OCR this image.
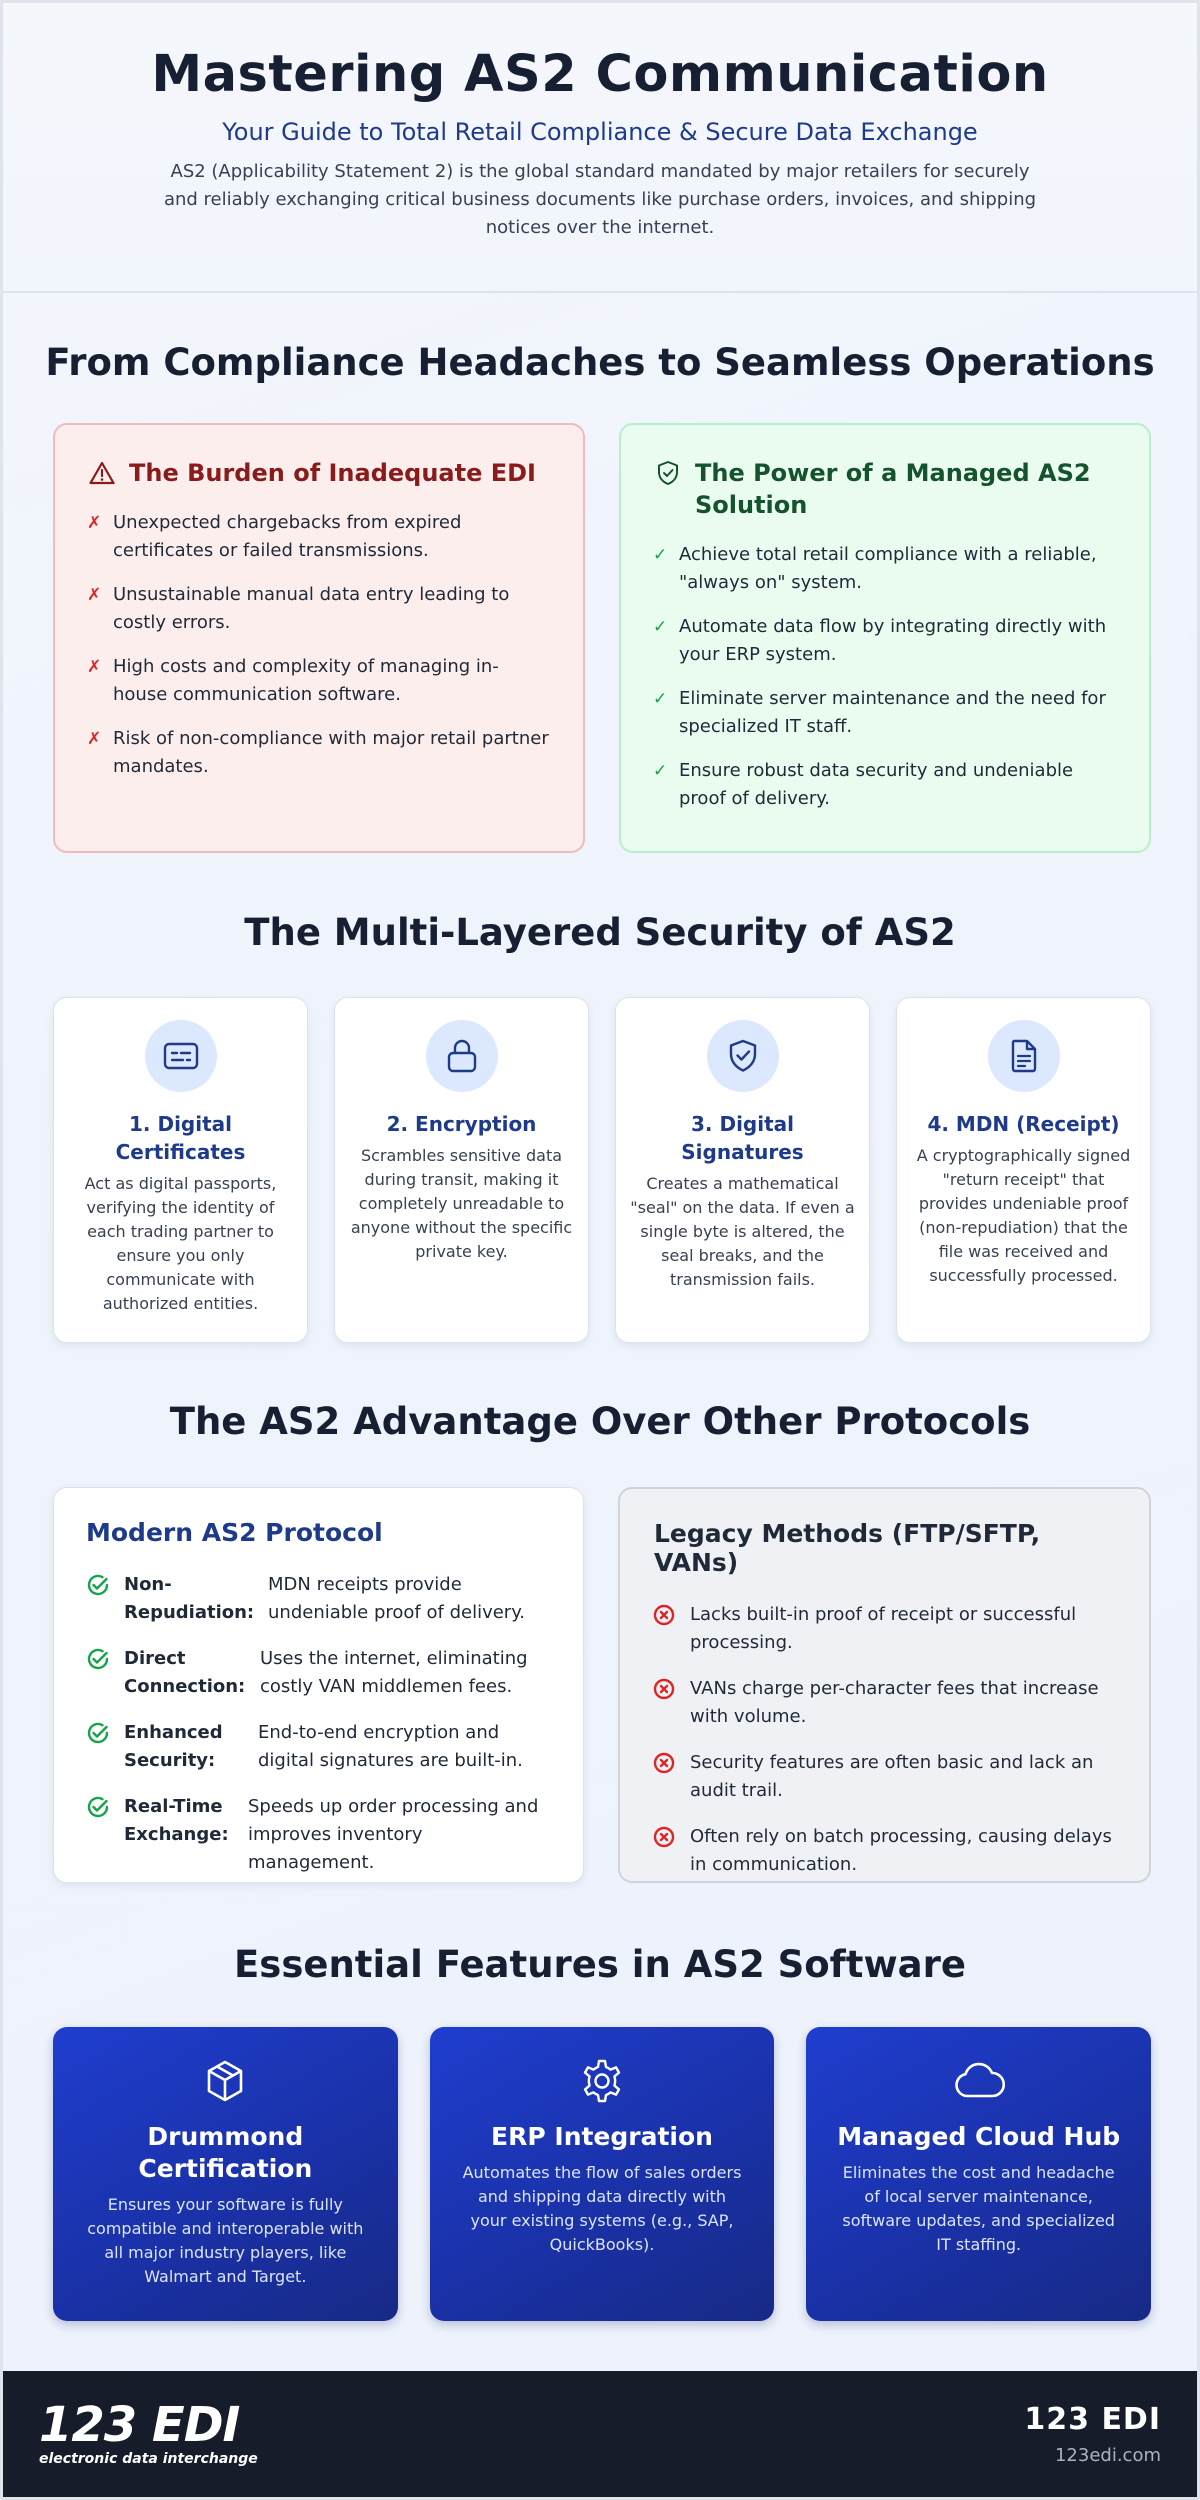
Mastering AS2 Communication
Your Guide to Total Retail Compliance & Secure Data Exchange

AS2 (Applicability Statement 2) is the global standard mandated by major retailers for securely and reliably exchanging critical business documents like purchase orders, invoices, and shipping notices over the internet.

From Compliance Headaches to Seamless Operations
The Burden of Inadequate EDI
✗ Unexpected chargebacks from expired certificates or failed transmissions.
✗ Unsustainable manual data entry leading to costly errors.
✗ High costs and complexity of managing in-house communication software.
✗ Risk of non-compliance with major retail partner mandates.
The Power of a Managed AS2 Solution
✓ Achieve total retail compliance with a reliable, "always on" system.
✓ Automate data flow by integrating directly with your ERP system.
✓ Eliminate server maintenance and the need for specialized IT staff.
✓ Ensure robust data security and undeniable proof of delivery.
The Multi-Layered Security of AS2
1. Digital Certificates

Act as digital passports, verifying the identity of each trading partner to ensure you only communicate with authorized entities.

2. Encryption

Scrambles sensitive data during transit, making it completely unreadable to anyone without the specific private key.

3. Digital Signatures

Creates a mathematical "seal" on the data. If even a single byte is altered, the seal breaks, and the transmission fails.

4. MDN (Receipt)

A cryptographically signed "return receipt" that provides undeniable proof (non-repudiation) that the file was received and successfully processed.

The AS2 Advantage Over Other Protocols
Modern AS2 Protocol
Non-Repudiation:
MDN receipts provide undeniable proof of delivery.
Direct Connection:
Uses the internet, eliminating costly VAN middlemen fees.
Enhanced Security:
End-to-end encryption and digital signatures are built-in.
Real-Time Exchange:
Speeds up order processing and improves inventory management.
Legacy Methods (FTP/SFTP, VANs)
Lacks built-in proof of receipt or successful processing.
VANs charge per-character fees that increase with volume.
Security features are often basic and lack an audit trail.
Often rely on batch processing, causing delays in communication.
Essential Features in AS2 Software
Drummond Certification

Ensures your software is fully compatible and interoperable with all major industry players, like Walmart and Target.

ERP Integration

Automates the flow of sales orders and shipping data directly with your existing systems (e.g., SAP, QuickBooks).

Managed Cloud Hub

Eliminates the cost and headache of local server maintenance, software updates, and specialized IT staffing.

123 EDI
electronic data interchange
123 EDI
123edi.com
